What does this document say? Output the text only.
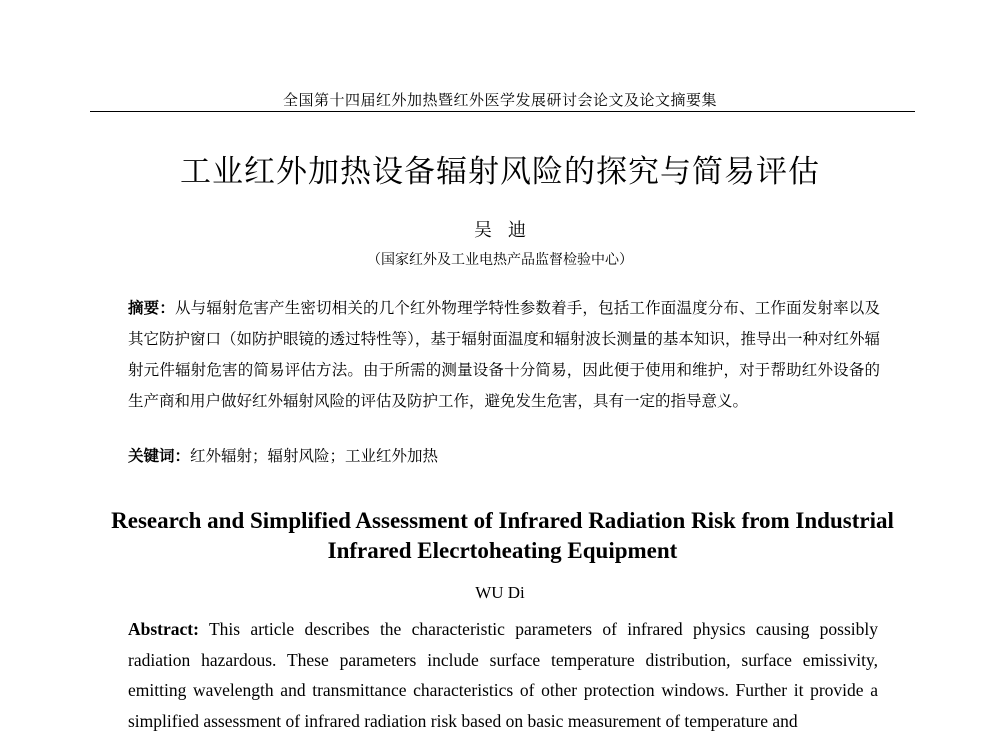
全国第十四届红外加热暨红外医学发展研讨会论文及论文摘要集
工业红外加热设备辐射风险的探究与简易评估
吴迪
（国家红外及工业电热产品监督检验中心）
摘要：从与辐射危害产生密切相关的几个红外物理学特性参数着手，包括工作面温度分布、工作面发射率以及其它防护窗口（如防护眼镜的透过特性等），基于辐射面温度和辐射波长测量的基本知识，推导出一种对红外辐射元件辐射危害的简易评估方法。由于所需的测量设备十分简易，因此便于使用和维护，对于帮助红外设备的生产商和用户做好红外辐射风险的评估及防护工作，避免发生危害，具有一定的指导意义。
关键词：红外辐射；辐射风险；工业红外加热
Research and Simplified Assessment of Infrared Radiation Risk from Industrial Infrared Elecrtoheating Equipment
WU Di
Abstract: This article describes the characteristic parameters of infrared physics causing possibly radiation hazardous. These parameters include surface temperature distribution, surface emissivity, emitting wavelength and transmittance characteristics of other protection windows. Further it provide a simplified assessment of infrared radiation risk based on basic measurement of temperature and
